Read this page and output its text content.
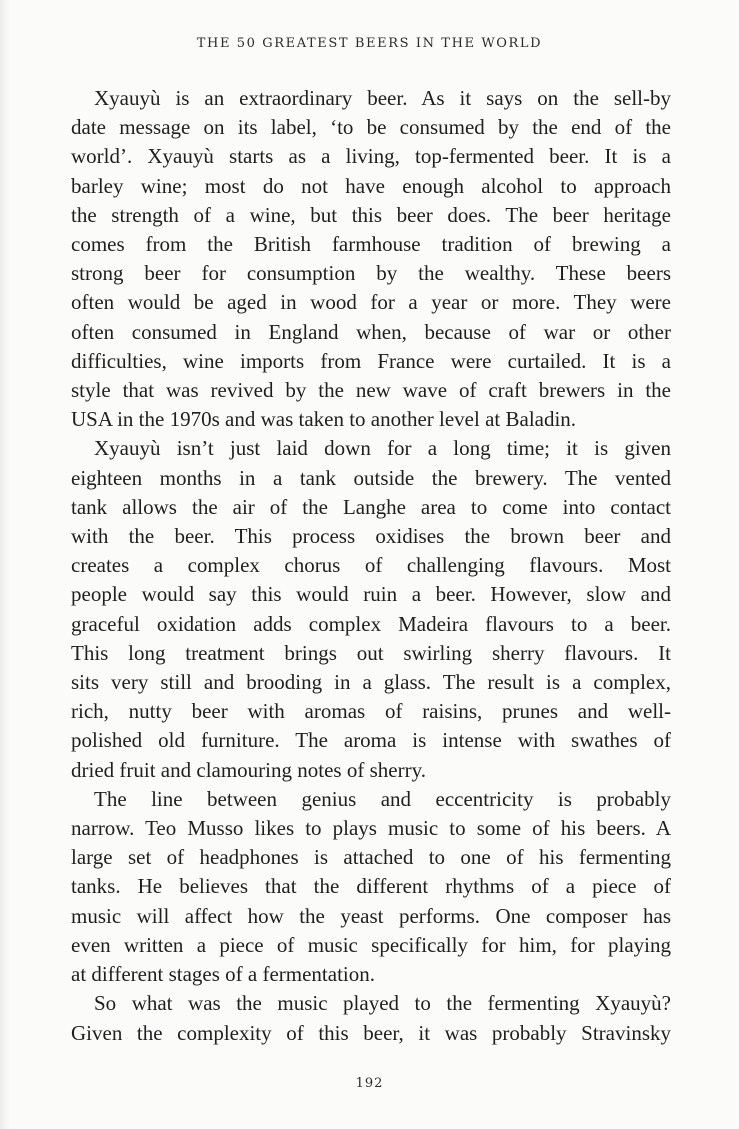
THE 50 GREATEST BEERS IN THE WORLD

Xyauyù is an extraordinary beer. As it says on the sell-by
date message on its label, ‘to be consumed by the end of the
world’. Xyauyù starts as a living, top-fermented beer. It is a
barley wine; most do not have enough alcohol to approach
the strength of a wine, but this beer does. The beer heritage
comes from the British farmhouse tradition of brewing a
strong beer for consumption by the wealthy. These beers
often would be aged in wood for a year or more. They were
often consumed in England when, because of war or other
difficulties, wine imports from France were curtailed. It is a
style that was revived by the new wave of craft brewers in the
USA in the 1970s and was taken to another level at Baladin.

Xyauyù isn’t just laid down for a long time; it is given
eighteen months in a tank outside the brewery. The vented
tank allows the air of the Langhe area to come into contact
with the beer. This process oxidises the brown beer and
creates a complex chorus of challenging flavours. Most
people would say this would ruin a beer. However, slow and
graceful oxidation adds complex Madeira flavours to a beer.
This long treatment brings out swirling sherry flavours. It
sits very still and brooding in a glass. The result is a complex,
rich, nutty beer with aromas of raisins, prunes and well-
polished old furniture. The aroma is intense with swathes of
dried fruit and clamouring notes of sherry.

The line between genius and eccentricity is probably
narrow. Teo Musso likes to plays music to some of his beers. A
large set of headphones is attached to one of his fermenting
tanks. He believes that the different rhythms of a piece of
music will affect how the yeast performs. One composer has
even written a piece of music specifically for him, for playing
at different stages of a fermentation.

So what was the music played to the fermenting Xyauyù?
Given the complexity of this beer, it was probably Stravinsky

192
